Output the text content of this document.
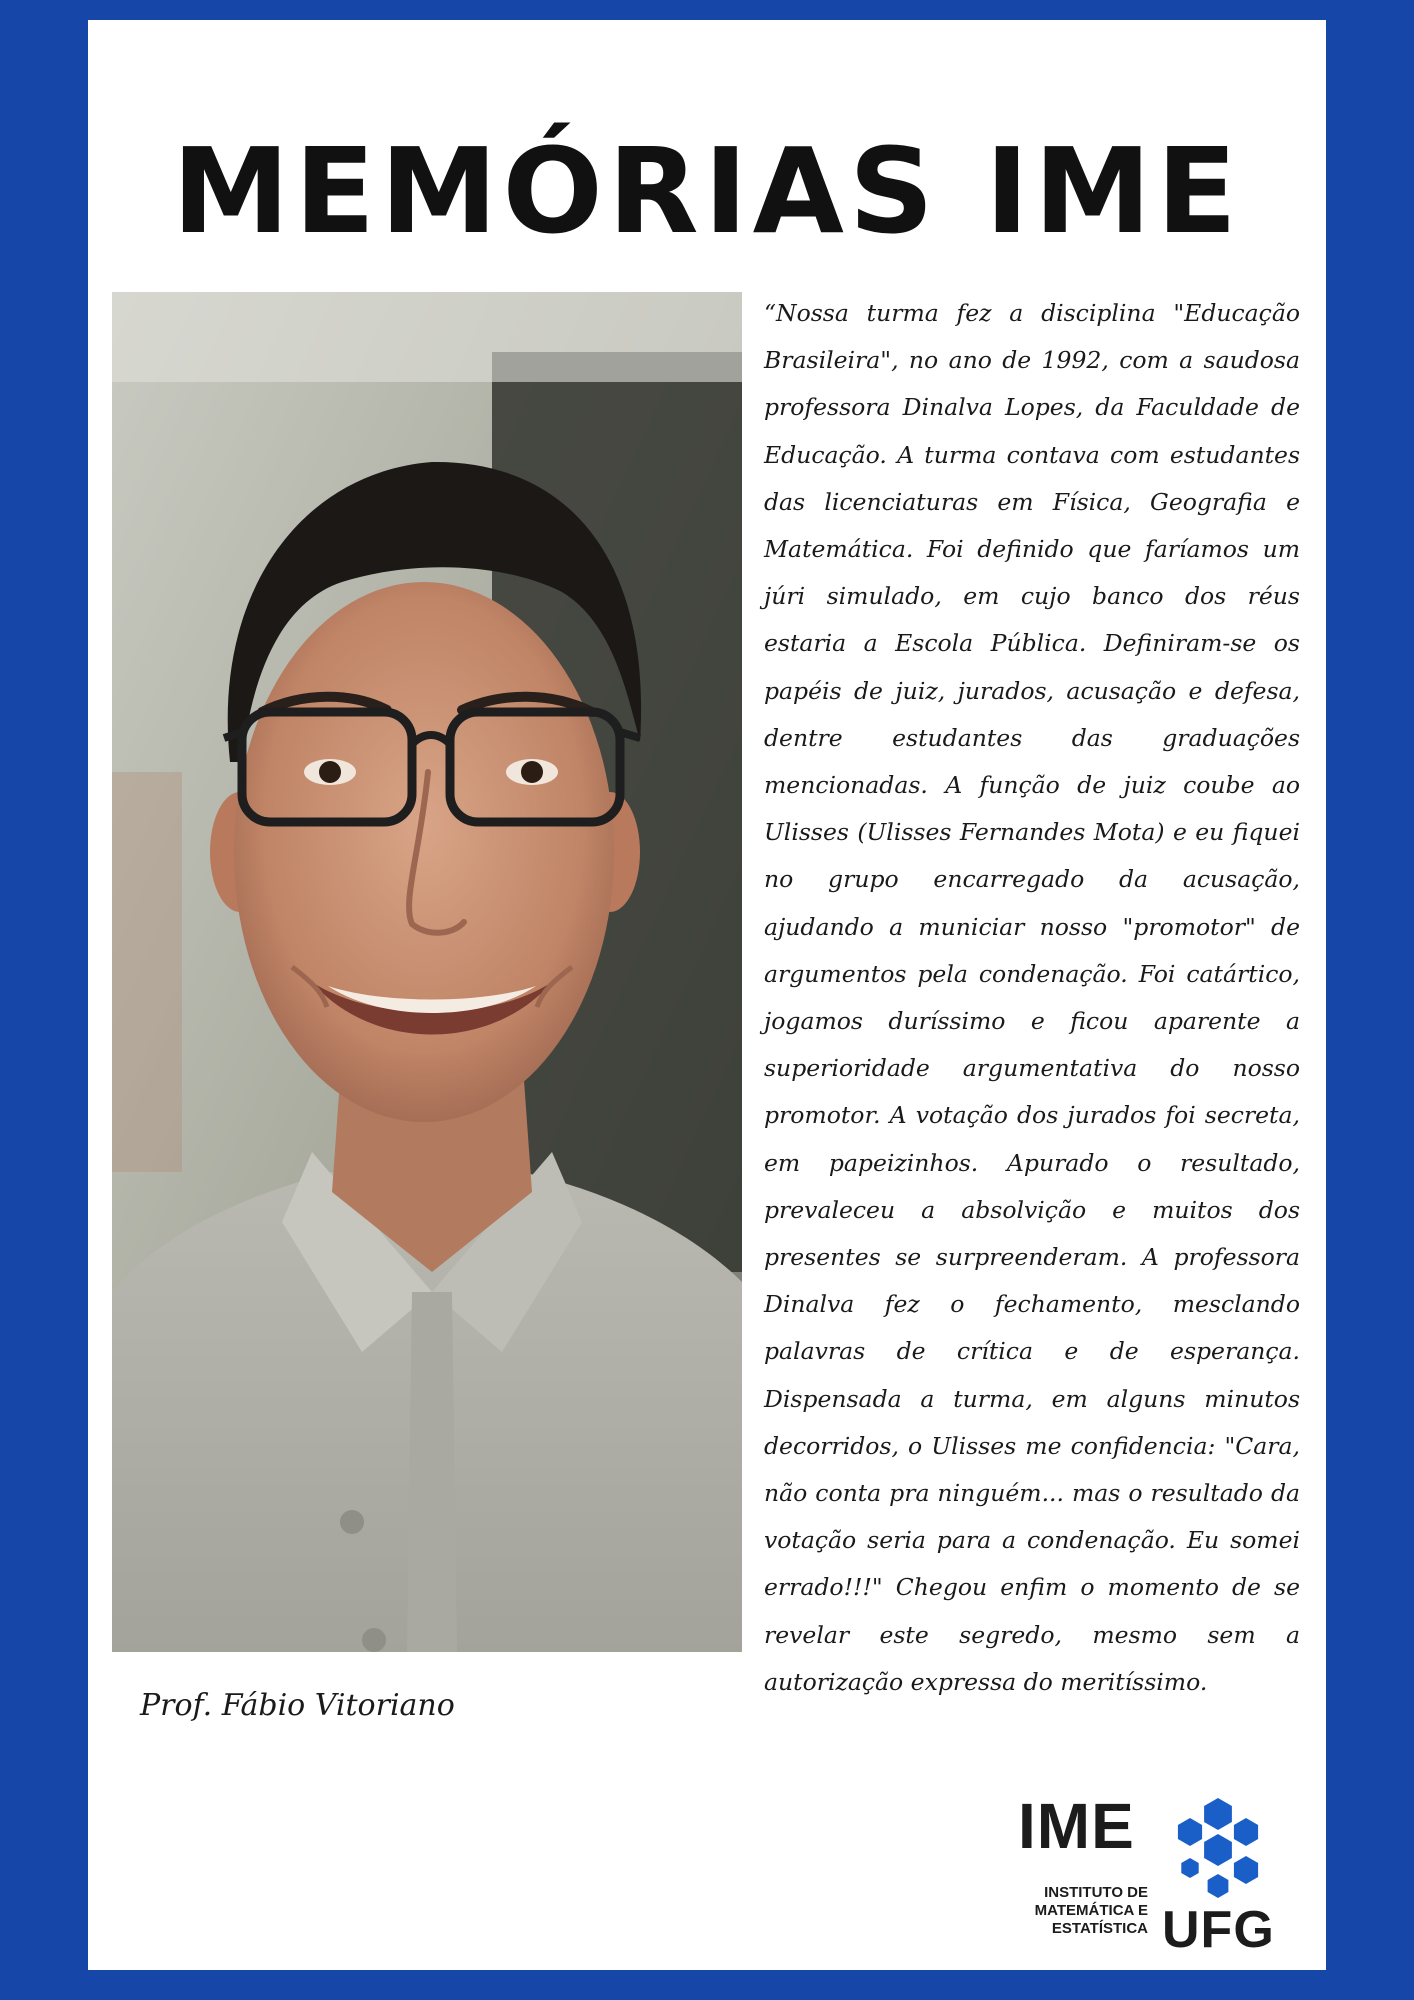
MEMÓRIAS IME
Prof. Fábio Vitoriano

“Nossa turma fez a disciplina "Educação Brasileira", no ano de 1992, com a saudosa professora Dinalva Lopes, da Faculdade de Educação. A turma contava com estudantes das licenciaturas em Física, Geografia e Matemática. Foi definido que faríamos um júri simulado, em cujo banco dos réus estaria a Escola Pública. Definiram-se os papéis de juiz, jurados, acusação e defesa, dentre estudantes das graduações mencionadas. A função de juiz coube ao Ulisses (Ulisses Fernandes Mota) e eu fiquei no grupo encarregado da acusação, ajudando a municiar nosso "promotor" de argumentos pela condenação. Foi catártico, jogamos duríssimo e ficou aparente a superioridade argumentativa do nosso promotor. A votação dos jurados foi secreta, em papeizinhos. Apurado o resultado, prevaleceu a absolvição e muitos dos presentes se surpreenderam. A professora Dinalva fez o fechamento, mesclando palavras de crítica e de esperança. Dispensada a turma, em alguns minutos decorridos, o Ulisses me confidencia: "Cara, não conta pra ninguém... mas o resultado da votação seria para a condenação. Eu somei errado!!!" Chegou enfim o momento de se revelar este segredo, mesmo sem a autorização expressa do meritíssimo.

IME
INSTITUTO DE
MATEMÁTICA E
ESTATÍSTICA UFG
